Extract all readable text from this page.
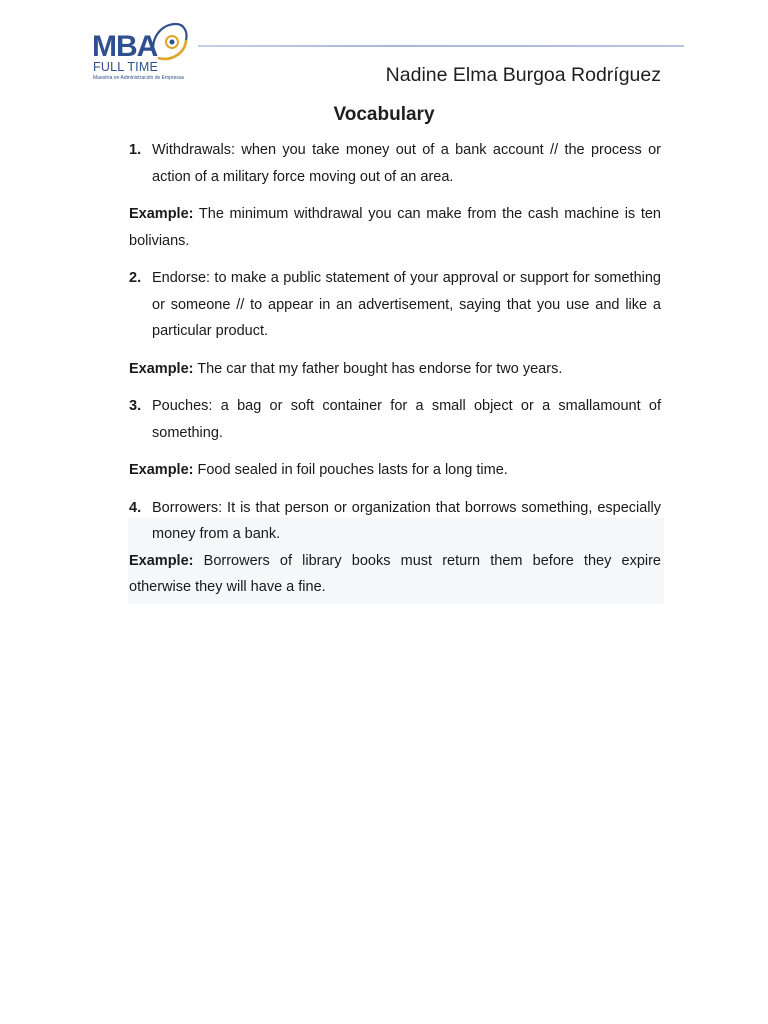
MBA
FULL TIME
Maestría en Administración de Empresas	Nadine Elma Burgoa Rodríguez
Vocabulary
1. Withdrawals: when you take money out of a bank account // the process or action of a military force moving out of an area.

Example: The minimum withdrawal you can make from the cash machine is ten bolivians.

2. Endorse: to make a public statement of your approval or support for something or someone // to appear in an advertisement, saying that you use and like a particular product.

Example: The car that my father bought has endorse for two years.

3. Pouches: a bag or soft container for a small object or a smallamount of something.

Example: Food sealed in foil pouches lasts for a long time.

4. Borrowers: It is that person or organization that borrows something, especially money from a bank.

Example: Borrowers of library books must return them before they expire otherwise they will have a fine.
